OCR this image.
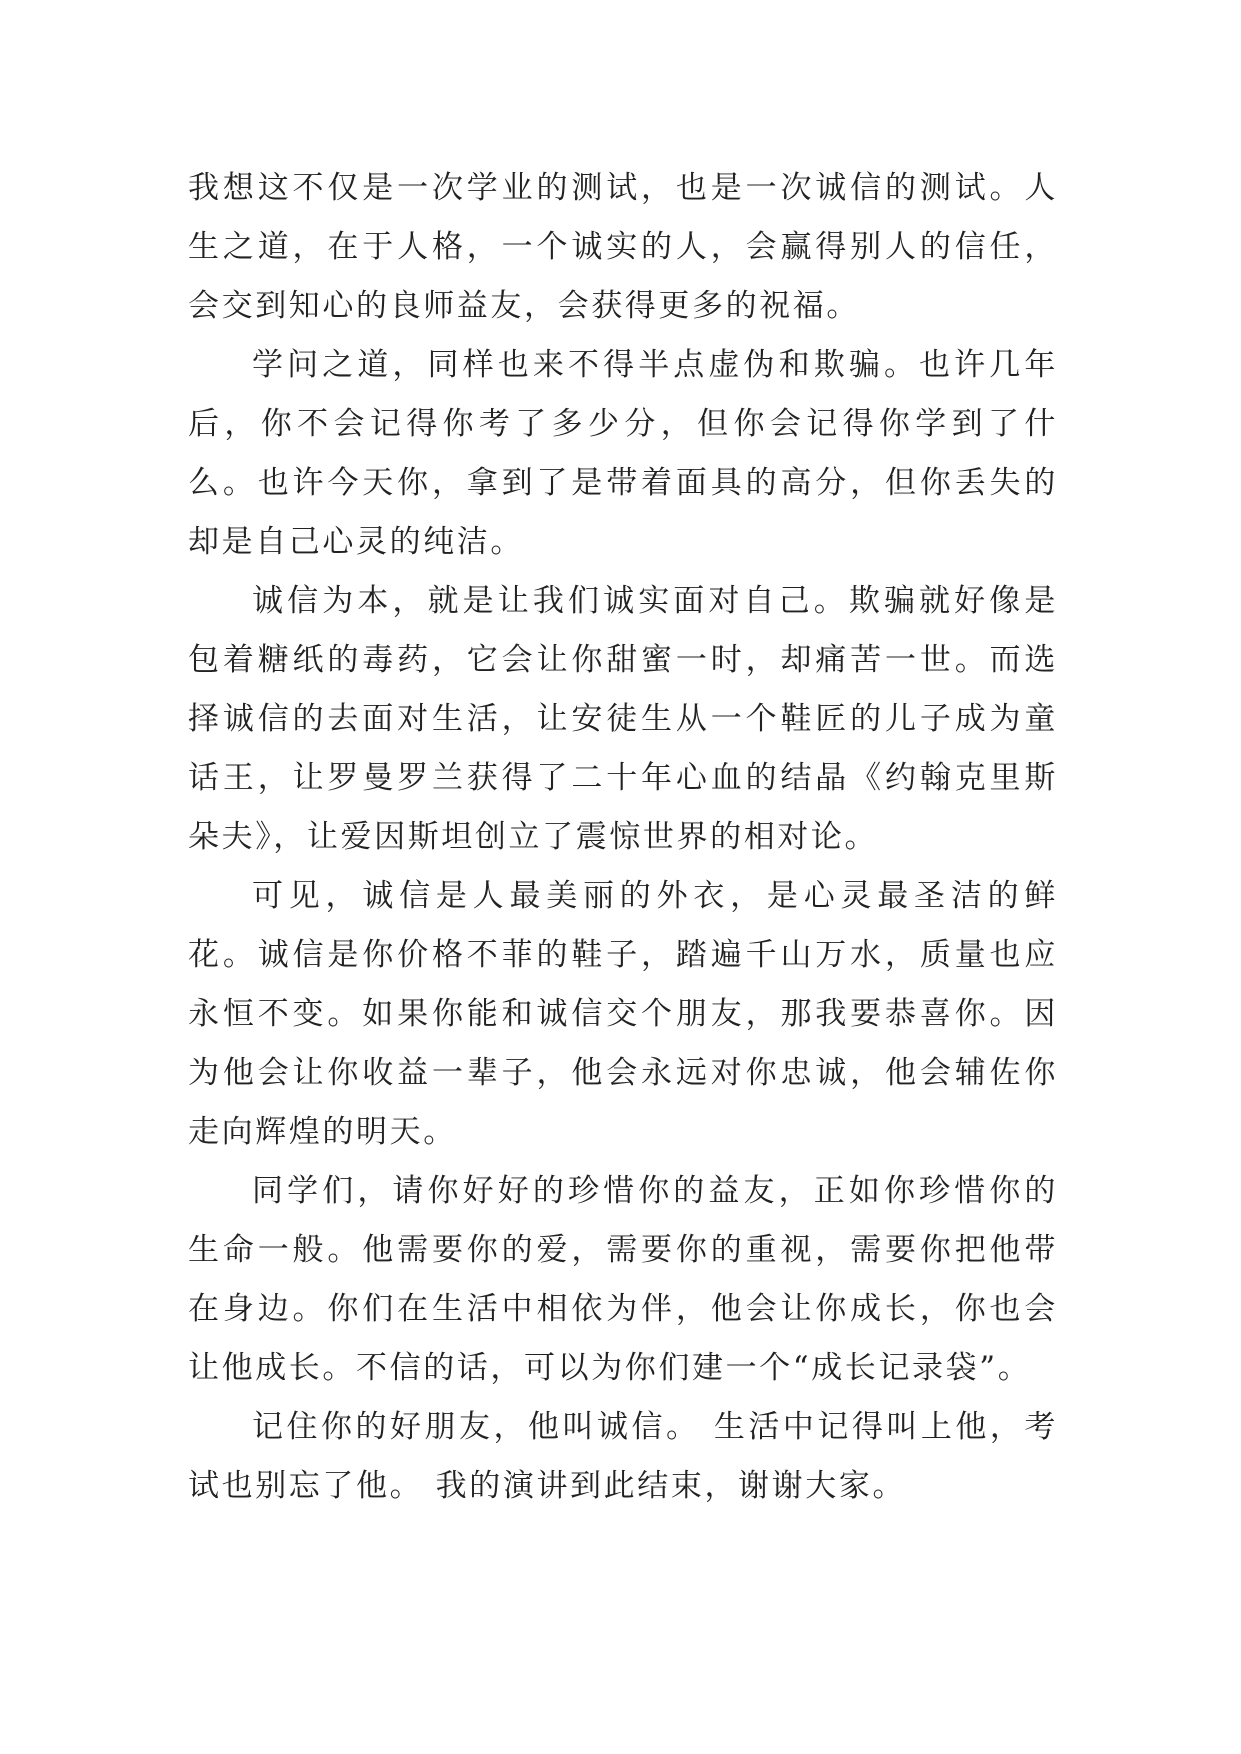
我想这不仅是一次学业的测试，也是一次诚信的测试。人生之道，在于人格，一个诚实的人，会赢得别人的信任，会交到知心的良师益友，会获得更多的祝福。

学问之道，同样也来不得半点虚伪和欺骗。也许几年后，你不会记得你考了多少分，但你会记得你学到了什么。也许今天你，拿到了是带着面具的高分，但你丢失的却是自己心灵的纯洁。

诚信为本，就是让我们诚实面对自己。欺骗就好像是包着糖纸的毒药，它会让你甜蜜一时，却痛苦一世。而选择诚信的去面对生活，让安徒生从一个鞋匠的儿子成为童话王，让罗曼罗兰获得了二十年心血的结晶《约翰克里斯朵夫》，让爱因斯坦创立了震惊世界的相对论。

可见，诚信是人最美丽的外衣，是心灵最圣洁的鲜花。诚信是你价格不菲的鞋子，踏遍千山万水，质量也应永恒不变。如果你能和诚信交个朋友，那我要恭喜你。因为他会让你收益一辈子，他会永远对你忠诚，他会辅佐你走向辉煌的明天。

同学们，请你好好的珍惜你的益友，正如你珍惜你的生命一般。他需要你的爱，需要你的重视，需要你把他带在身边。你们在生活中相依为伴，他会让你成长，你也会让他成长。不信的话，可以为你们建一个“成长记录袋”。

记住你的好朋友，他叫诚信。 生活中记得叫上他，考试也别忘了他。 我的演讲到此结束，谢谢大家。
